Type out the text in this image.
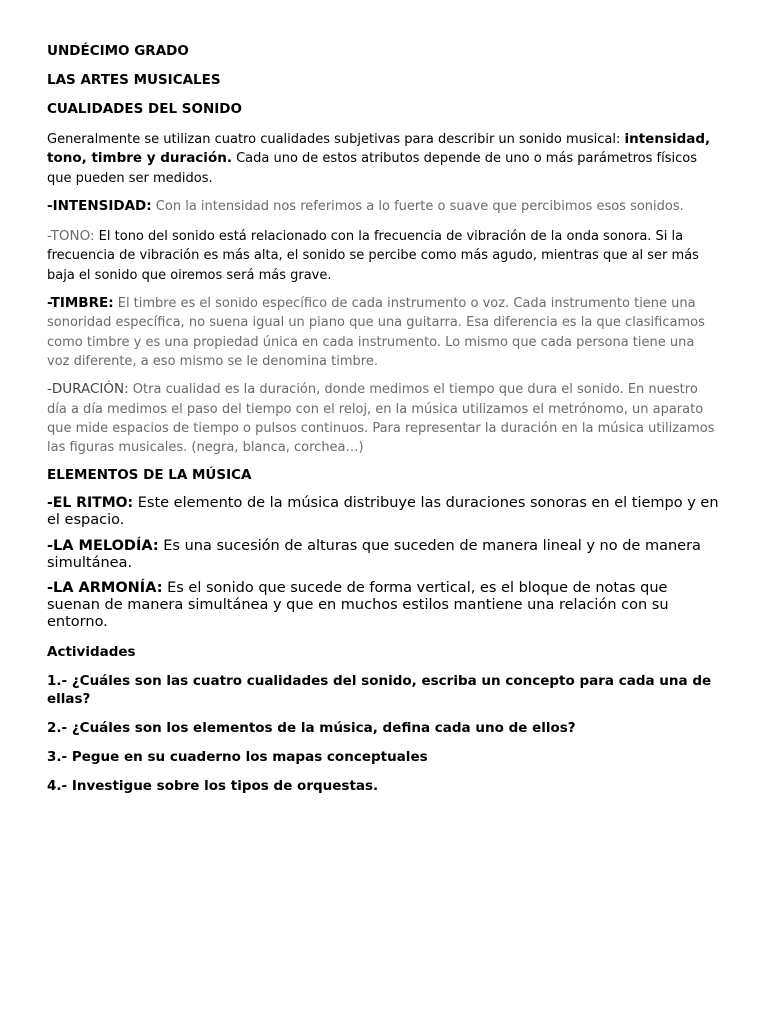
UNDÉCIMO GRADO

LAS ARTES MUSICALES

CUALIDADES DEL SONIDO

Generalmente se utilizan cuatro cualidades subjetivas para describir un sonido musical: intensidad, tono, timbre y duración. Cada uno de estos atributos depende de uno o más parámetros físicos que pueden ser medidos.

-INTENSIDAD: Con la intensidad nos referimos a lo fuerte o suave que percibimos esos sonidos.

-TONO: El tono del sonido está relacionado con la frecuencia de vibración de la onda sonora. Si la frecuencia de vibración es más alta, el sonido se percibe como más agudo, mientras que al ser más baja el sonido que oiremos será más grave.

-TIMBRE: El timbre es el sonido específico de cada instrumento o voz. Cada instrumento tiene una sonoridad específica, no suena igual un piano que una guitarra. Esa diferencia es la que clasificamos como timbre y es una propiedad única en cada instrumento. Lo mismo que cada persona tiene una voz diferente, a eso mismo se le denomina timbre.

-DURACIÓN: Otra cualidad es la duración, donde medimos el tiempo que dura el sonido. En nuestro día a día medimos el paso del tiempo con el reloj, en la música utilizamos el metrónomo, un aparato que mide espacios de tiempo o pulsos continuos. Para representar la duración en la música utilizamos las figuras musicales. (negra, blanca, corchea…)

ELEMENTOS DE LA MÚSICA

-EL RITMO: Este elemento de la música distribuye las duraciones sonoras en el tiempo y en el espacio.

-LA MELODÍA: Es una sucesión de alturas que suceden de manera lineal y no de manera simultánea.

-LA ARMONÍA: Es el sonido que sucede de forma vertical, es el bloque de notas que suenan de manera simultánea y que en muchos estilos mantiene una relación con su entorno.

Actividades

1.- ¿Cuáles son las cuatro cualidades del sonido, escriba un concepto para cada una de ellas?

2.- ¿Cuáles son los elementos de la música, defina cada uno de ellos?

3.- Pegue en su cuaderno los mapas conceptuales

4.- Investigue sobre los tipos de orquestas.
